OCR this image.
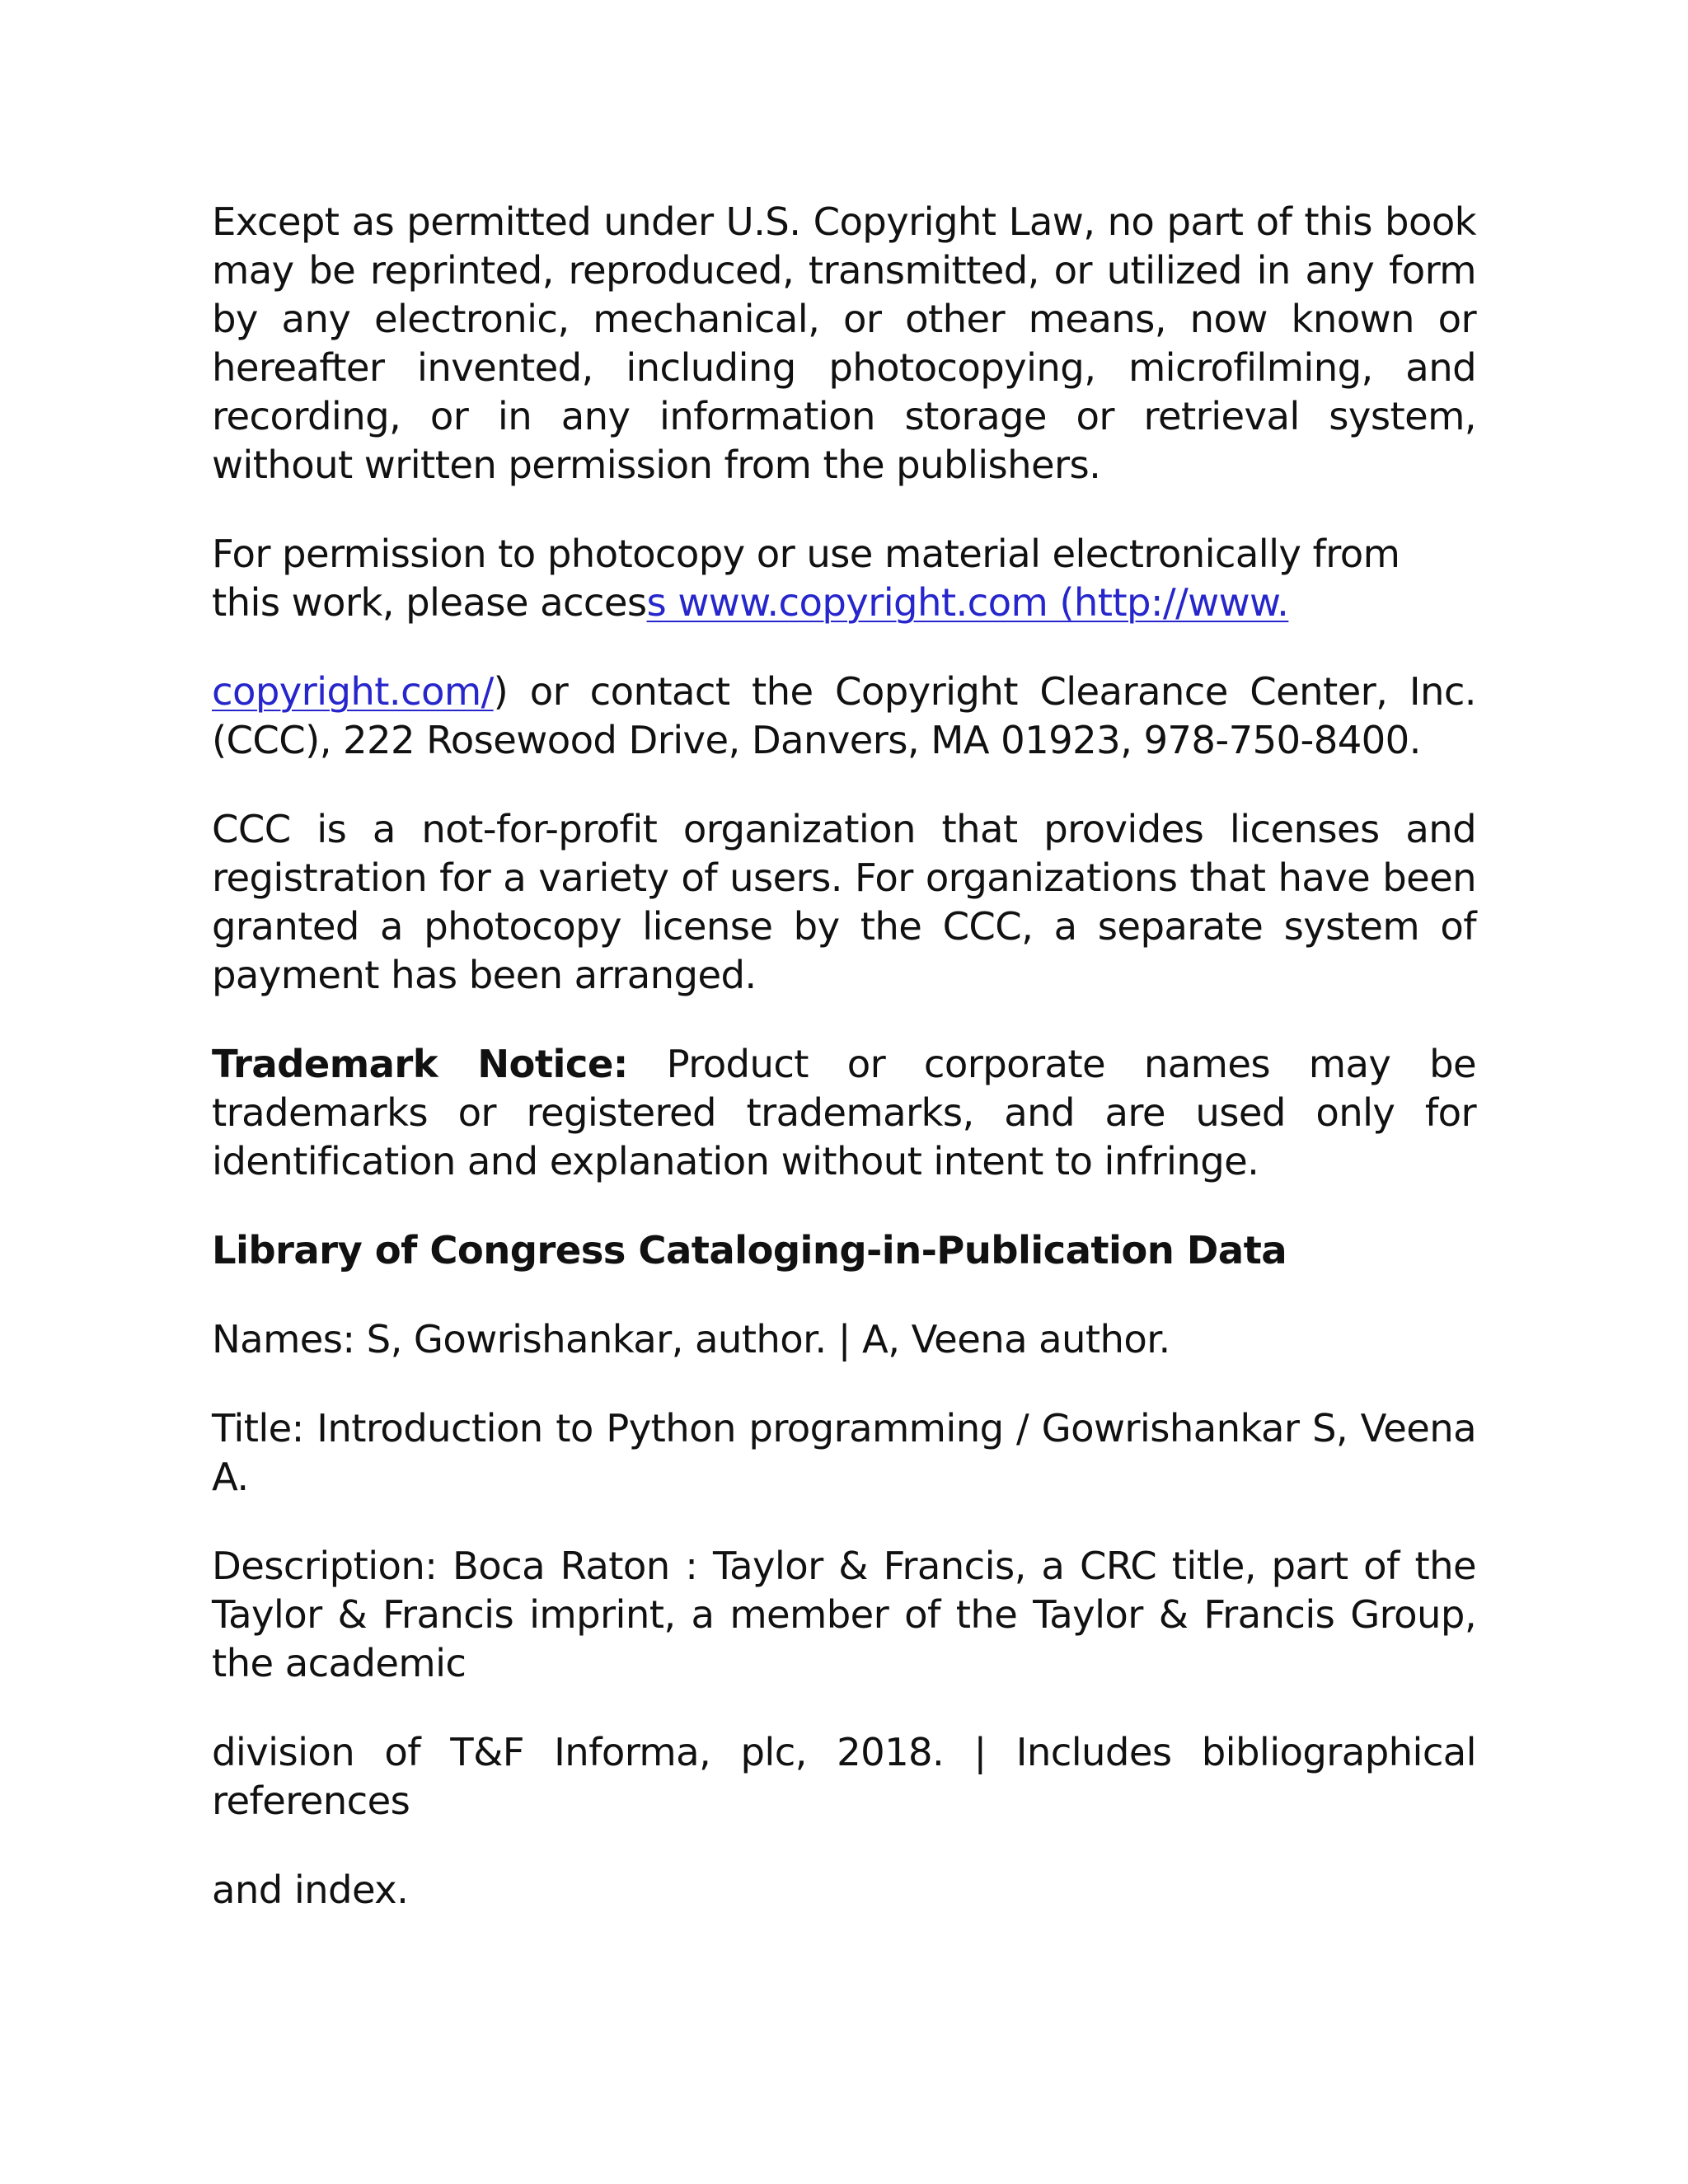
Except as permitted under U.S. Copyright Law, no part of this book may be reprinted, reproduced, transmitted, or utilized in any form by any electronic, mechanical, or other means, now known or hereafter invented, including photocopying, microfilming, and recording, or in any information storage or retrieval system, without written permission from the publishers.

For permission to photocopy or use material electronically from this work, please access www.copyright.com (http://www.

copyright.com/) or contact the Copyright Clearance Center, Inc. (CCC), 222 Rosewood Drive, Danvers, MA 01923, 978-750-8400.

CCC is a not-for-profit organization that provides licenses and registration for a variety of users. For organizations that have been granted a photocopy license by the CCC, a separate system of payment has been arranged.

Trademark Notice: Product or corporate names may be trademarks or registered trademarks, and are used only for identification and explanation without intent to infringe.

Library of Congress Cataloging-in-Publication Data

Names: S, Gowrishankar, author. | A, Veena author.

Title: Introduction to Python programming / Gowrishankar S, Veena A.

Description: Boca Raton : Taylor & Francis, a CRC title, part of the Taylor & Francis imprint, a member of the Taylor & Francis Group, the academic

division of T&F Informa, plc, 2018. | Includes bibliographical references

and index.
